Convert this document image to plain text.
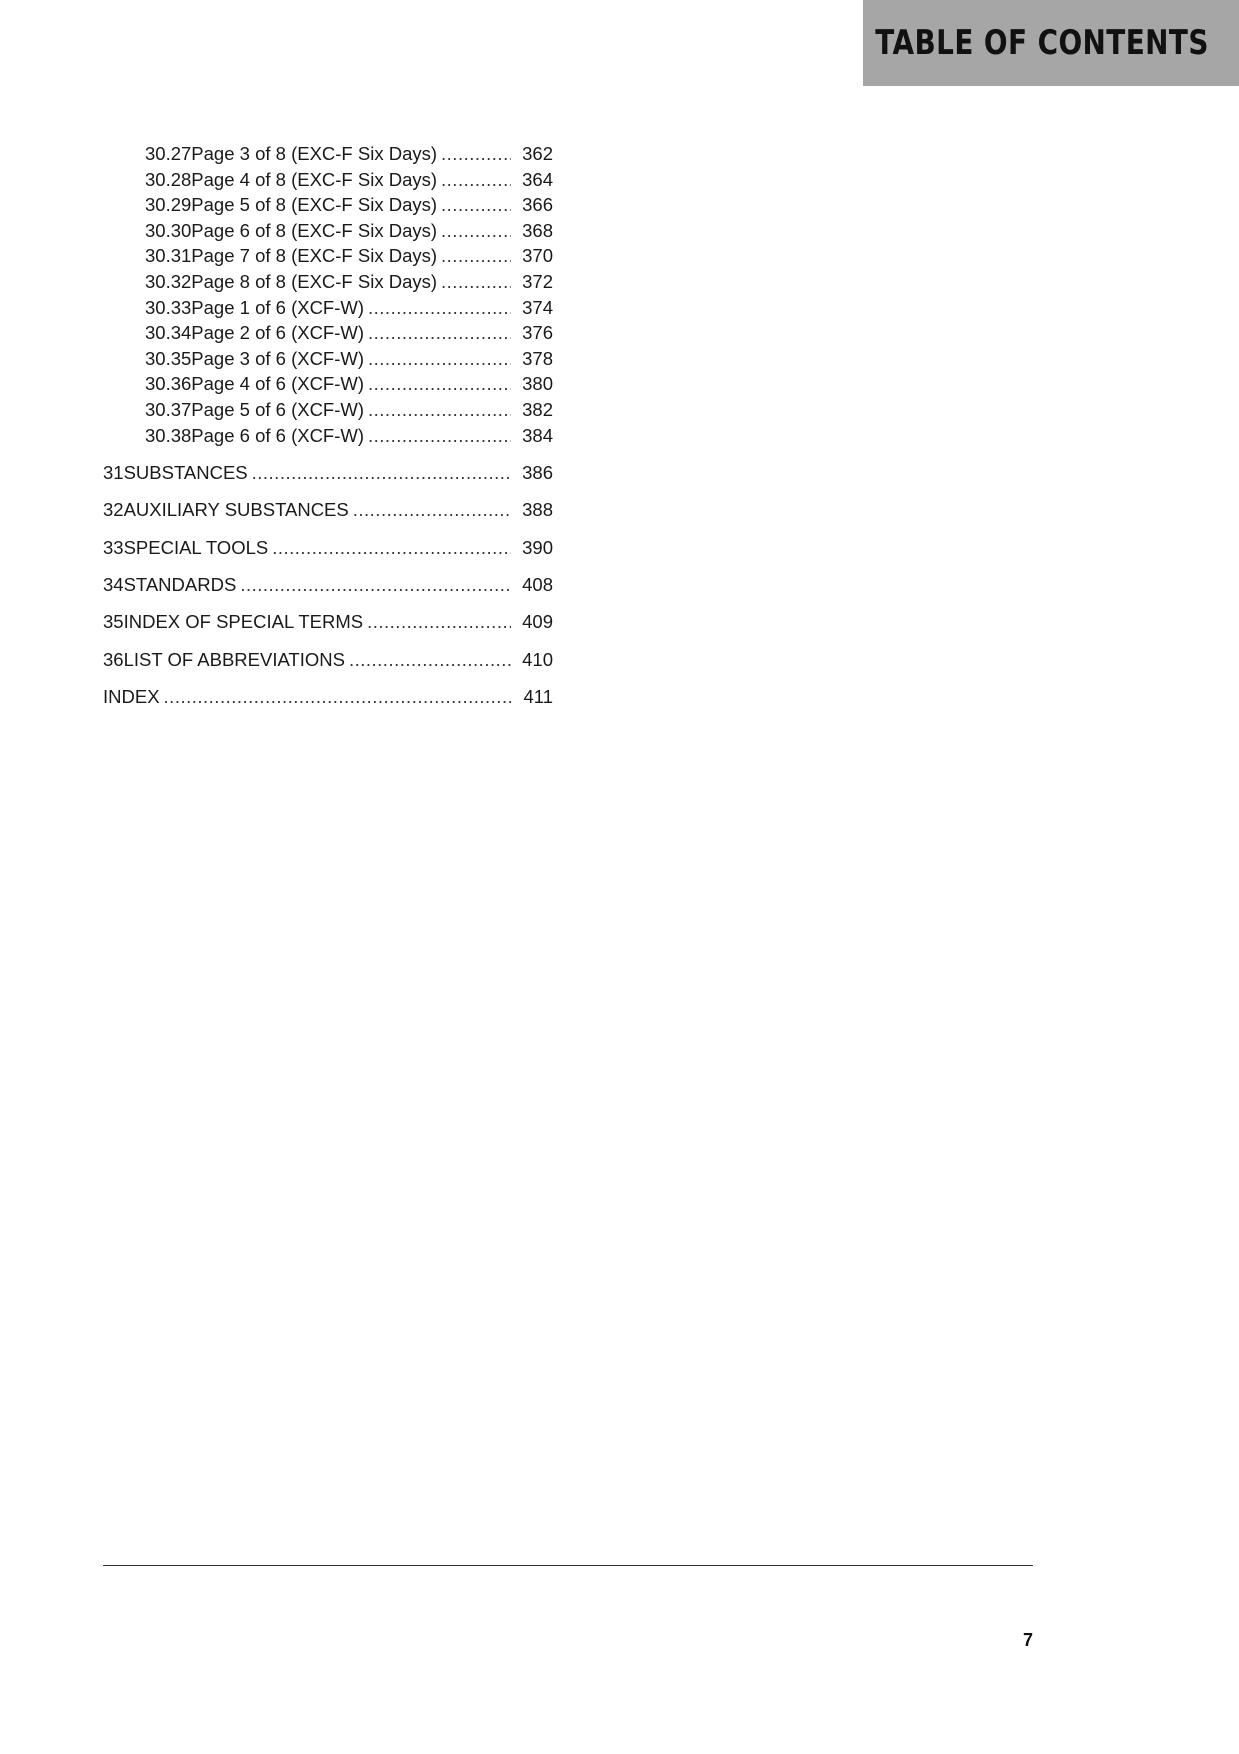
TABLE OF CONTENTS
30.27 Page 3 of 8 (EXC-F Six Days) .....	362
30.28 Page 4 of 8 (EXC-F Six Days) .....	364
30.29 Page 5 of 8 (EXC-F Six Days) .....	366
30.30 Page 6 of 8 (EXC-F Six Days) .....	368
30.31 Page 7 of 8 (EXC-F Six Days) .....	370
30.32 Page 8 of 8 (EXC-F Six Days) .....	372
30.33 Page 1 of 6 (XCF-W) .....	374
30.34 Page 2 of 6 (XCF-W) .....	376
30.35 Page 3 of 6 (XCF-W) .....	378
30.36 Page 4 of 6 (XCF-W) .....	380
30.37 Page 5 of 6 (XCF-W) .....	382
30.38 Page 6 of 6 (XCF-W) .....	384
31 SUBSTANCES .....	386
32 AUXILIARY SUBSTANCES .....	388
33 SPECIAL TOOLS .....	390
34 STANDARDS .....	408
35 INDEX OF SPECIAL TERMS .....	409
36 LIST OF ABBREVIATIONS .....	410
INDEX .....	411
7
